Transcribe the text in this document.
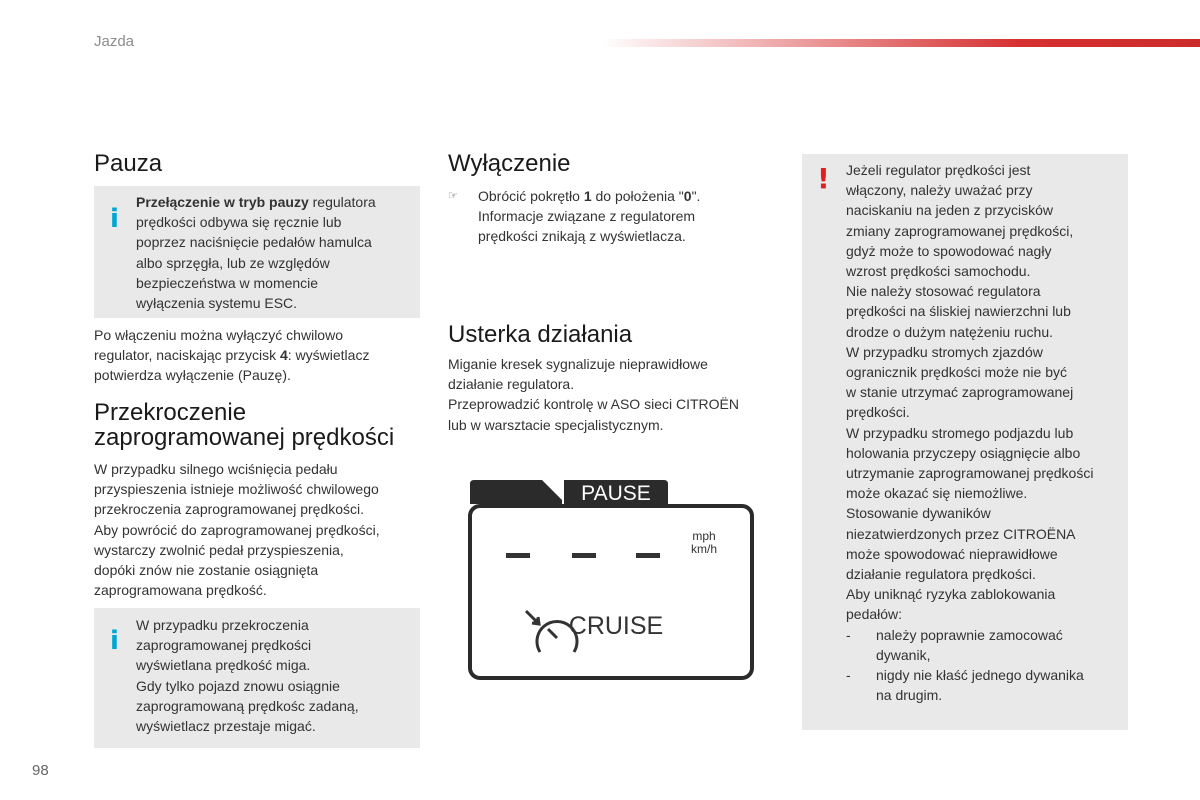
Jazda
Pauza
i

Przełączenie w tryb pauzy regulatora

prędkości odbywa się ręcznie lub

poprzez naciśnięcie pedałów hamulca

albo sprzęgła, lub ze względów

bezpieczeństwa w momencie

wyłączenia systemu ESC.

Po włączeniu można wyłączyć chwilowo

regulator, naciskając przycisk 4: wyświetlacz

potwierdza wyłączenie (Pauzę).

Przekroczenie
zaprogramowanej prędkości

W przypadku silnego wciśnięcia pedału

przyspieszenia istnieje możliwość chwilowego

przekroczenia zaprogramowanej prędkości.

Aby powrócić do zaprogramowanej prędkości,

wystarczy zwolnić pedał przyspieszenia,

dopóki znów nie zostanie osiągnięta

zaprogramowana prędkość.

i

W przypadku przekroczenia

zaprogramowanej prędkości

wyświetlana prędkość miga.

Gdy tylko pojazd znowu osiągnie

zaprogramowaną prędkośc zadaną,

wyświetlacz przestaje migać.

98
Wyłączenie
☞ Obrócić pokrętło 1 do położenia "0".

Informacje związane z regulatorem

prędkości znikają z wyświetlacza.

Usterka działania

Miganie kresek sygnalizuje nieprawidłowe

działanie regulatora.

Przeprowadzić kontrolę w ASO sieci CITROËN

lub w warsztacie specjalistycznym.

PAUSE
mph
km/h
CRUISE
! Jeżeli regulator prędkości jest

włączony, należy uważać przy

naciskaniu na jeden z przycisków

zmiany zaprogramowanej prędkości,

gdyż może to spowodować nagły

wzrost prędkości samochodu.

Nie należy stosować regulatora

prędkości na śliskiej nawierzchni lub

drodze o dużym natężeniu ruchu.

W przypadku stromych zjazdów

ogranicznik prędkości może nie być

w stanie utrzymać zaprogramowanej

prędkości.

W przypadku stromego podjazdu lub

holowania przyczepy osiągnięcie albo

utrzymanie zaprogramowanej prędkości

może okazać się niemożliwe.

Stosowanie dywaników

niezatwierdzonych przez CITROËNA

może spowodować nieprawidłowe

działanie regulatora prędkości.

Aby uniknąć ryzyka zablokowania

pedałów:

-	należy poprawnie zamocować

dywanik,

-	nigdy nie kłaść jednego dywanika

na drugim.
